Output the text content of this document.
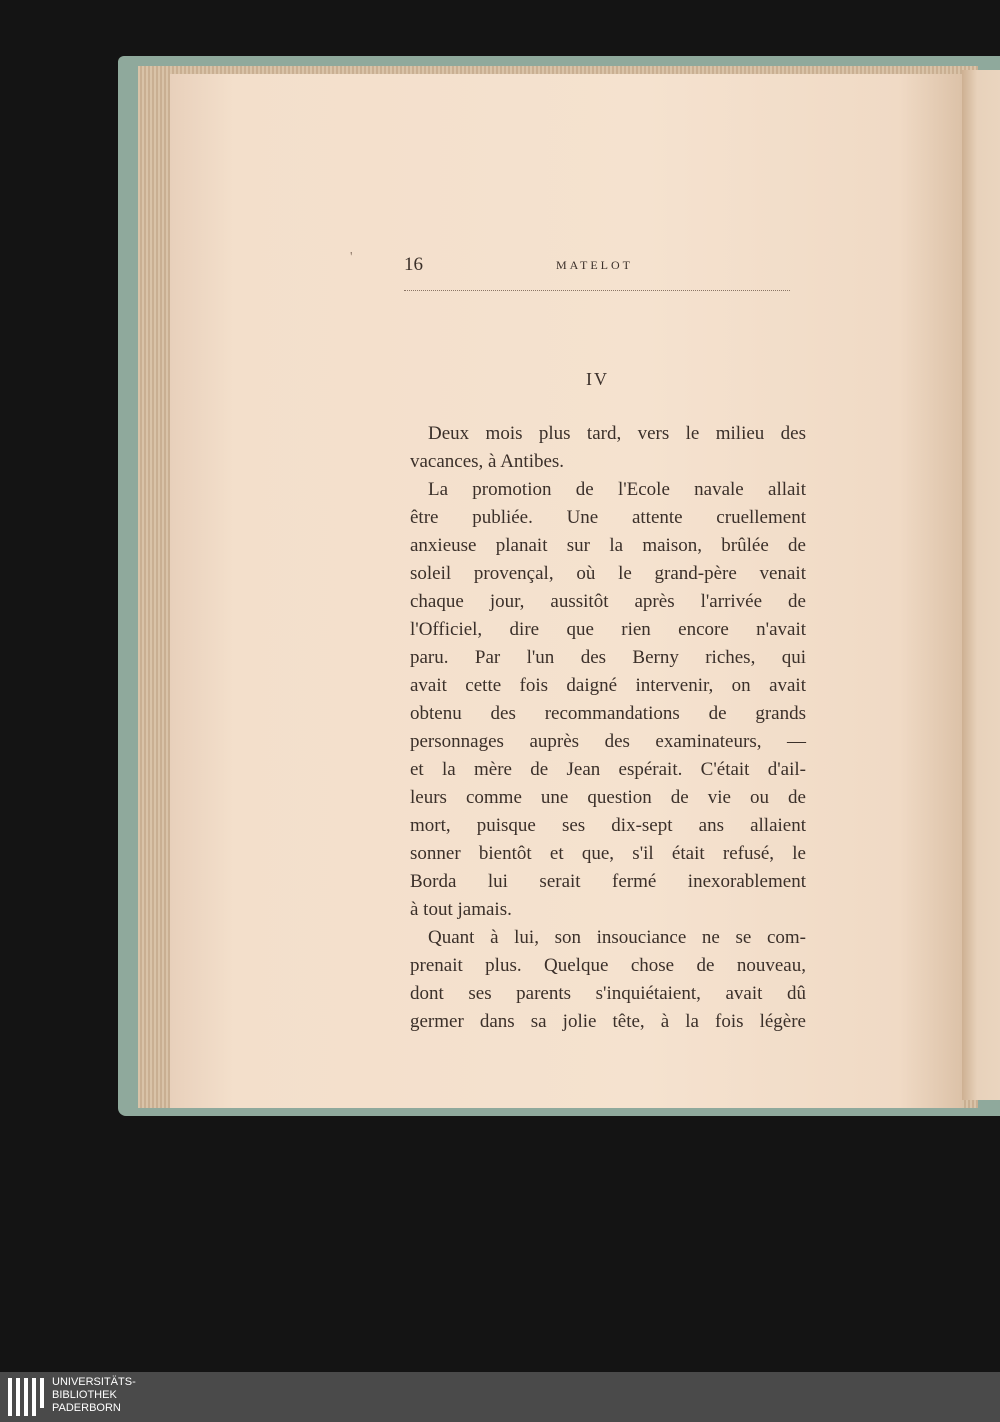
16	MATELOT
'
IV
Deux mois plus tard, vers le milieu des
vacances, à Antibes.
La promotion de l'Ecole navale allait
être publiée. Une attente cruellement
anxieuse planait sur la maison, brûlée de
soleil provençal, où le grand-père venait
chaque jour, aussitôt après l'arrivée de
l'Officiel, dire que rien encore n'avait
paru. Par l'un des Berny riches, qui
avait cette fois daigné intervenir, on avait
obtenu des recommandations de grands
personnages auprès des examinateurs, —
et la mère de Jean espérait. C'était d'ail-
leurs comme une question de vie ou de
mort, puisque ses dix-sept ans allaient
sonner bientôt et que, s'il était refusé, le
Borda lui serait fermé inexorablement
à tout jamais.
Quant à lui, son insouciance ne se com-
prenait plus. Quelque chose de nouveau,
dont ses parents s'inquiétaient, avait dû
germer dans sa jolie tête, à la fois légère
UNIVERSITÄTS-
BIBLIOTHEK
PADERBORN
